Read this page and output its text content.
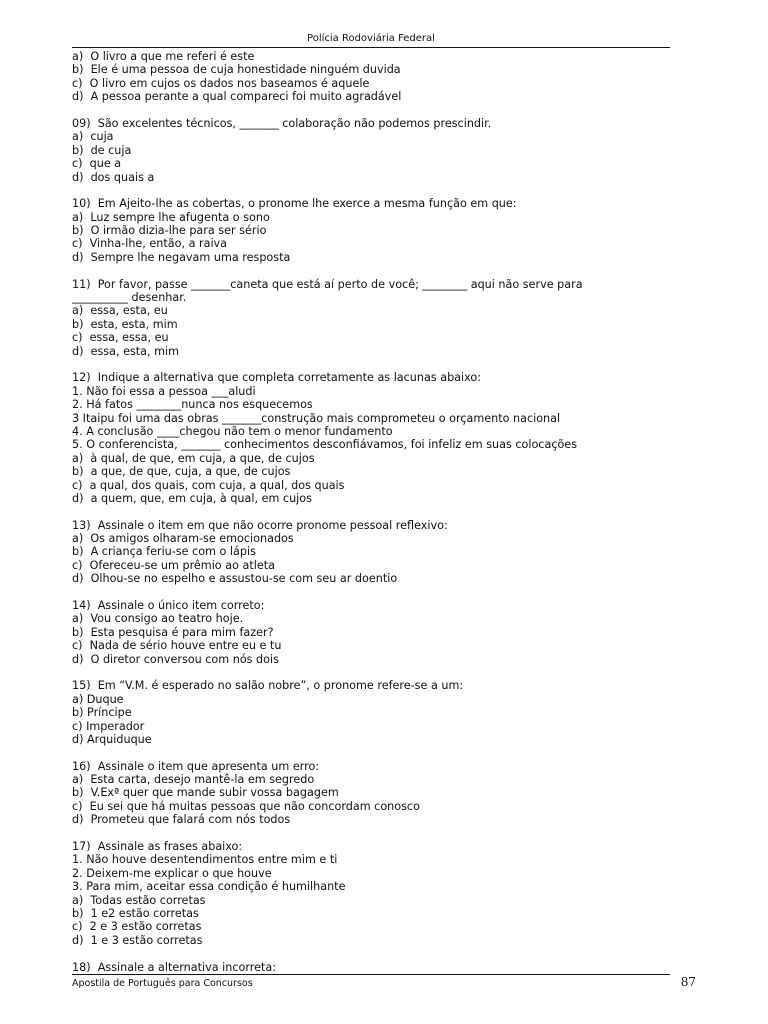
Polícia Rodoviária Federal
a)  O livro a que me referi é este
b)  Ele é uma pessoa de cuja honestidade ninguém duvida
c)  O livro em cujos os dados nos baseamos é aquele
d)  A pessoa perante a qual compareci foi muito agradável
09)  São excelentes técnicos, _______ colaboração não podemos prescindir.
a)  cuja
b)  de cuja
c)  que a
d)  dos quais a
10)  Em Ajeito-lhe as cobertas, o pronome lhe exerce a mesma função em que:
a)  Luz sempre lhe afugenta o sono
b)  O irmão dizia-lhe para ser sério
c)  Vinha-lhe, então, a raiva
d)  Sempre lhe negavam uma resposta
11)  Por favor, passe _______caneta que está aí perto de você; ________ aqui não serve para
__________ desenhar.
a)  essa, esta, eu
b)  esta, esta, mim
c)  essa, essa, eu
d)  essa, esta, mim
12)  Indique a alternativa que completa corretamente as lacunas abaixo:
1. Não foi essa a pessoa ___aludi
2. Há fatos ________nunca nos esquecemos
3 Itaipu foi uma das obras _______construção mais comprometeu o orçamento nacional
4. A conclusão ____chegou não tem o menor fundamento
5. O conferencista, _______ conhecimentos desconfiávamos, foi infeliz em suas colocações
a)  à qual, de que, em cuja, a que, de cujos
b)  a que, de que, cuja, a que, de cujos
c)  a qual, dos quais, com cuja, a qual, dos quais
d)  a quem, que, em cuja, à qual, em cujos
13)  Assinale o item em que não ocorre pronome pessoal reflexivo:
a)  Os amigos olharam-se emocionados
b)  A criança feriu-se com o lápis
c)  Ofereceu-se um prêmio ao atleta
d)  Olhou-se no espelho e assustou-se com seu ar doentio
14)  Assinale o único item correto:
a)  Vou consigo ao teatro hoje.
b)  Esta pesquisa é para mim fazer?
c)  Nada de sério houve entre eu e tu
d)  O diretor conversou com nós dois
15)  Em “V.M. é esperado no salão nobre”, o pronome refere-se a um:
a) Duque
b) Príncipe
c) Imperador
d) Arquiduque
16)  Assinale o item que apresenta um erro:
a)  Esta carta, desejo mantê-la em segredo
b)  V.Exª quer que mande subir vossa bagagem
c)  Eu sei que há muitas pessoas que não concordam conosco
d)  Prometeu que falará com nós todos
17)  Assinale as frases abaixo:
1. Não houve desentendimentos entre mim e ti
2. Deixem-me explicar o que houve
3. Para mim, aceitar essa condição é humilhante
a)  Todas estão corretas
b)  1 e2 estão corretas
c)  2 e 3 estão corretas
d)  1 e 3 estão corretas
18)  Assinale a alternativa incorreta:
Apostila de Português para Concursos	87
